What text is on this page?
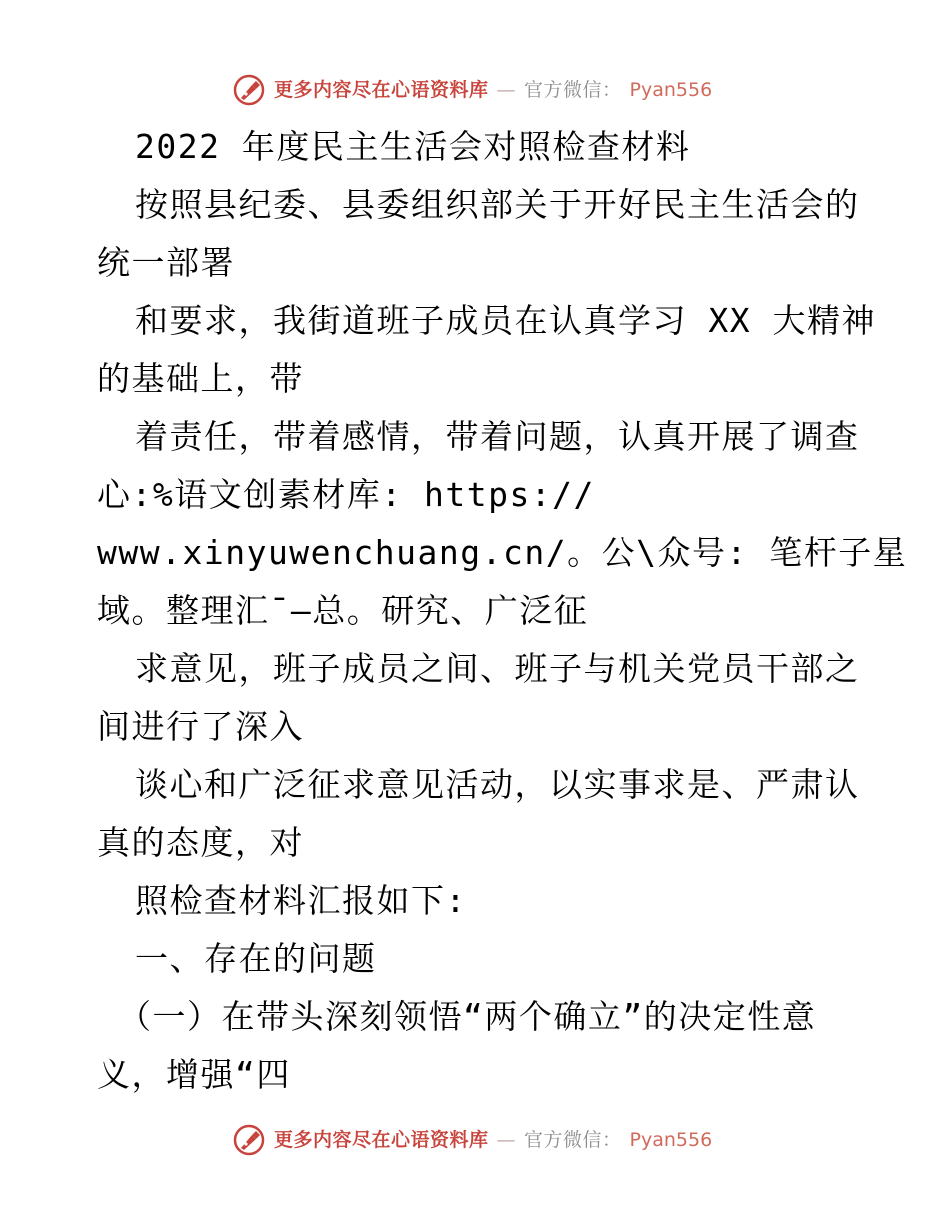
更多内容尽在心语资料库 — 官方微信： Pyan556
2022 年度民主生活会对照检查材料
按照县纪委、县委组织部关于开好民主生活会的
统一部署
和要求，我街道班子成员在认真学习 XX 大精神
的基础上，带
着责任，带着感情，带着问题，认真开展了调查
心:%语文创素材库: https://
www.xinyuwenchuang.cn/。公\众号: 笔杆子星
域。整理汇¯—总。研究、广泛征
求意见，班子成员之间、班子与机关党员干部之
间进行了深入
谈心和广泛征求意见活动，以实事求是、严肃认
真的态度，对
照检查材料汇报如下:
一、存在的问题
（一）在带头深刻领悟“两个确立”的决定性意
义，增强“四
更多内容尽在心语资料库 — 官方微信： Pyan556
